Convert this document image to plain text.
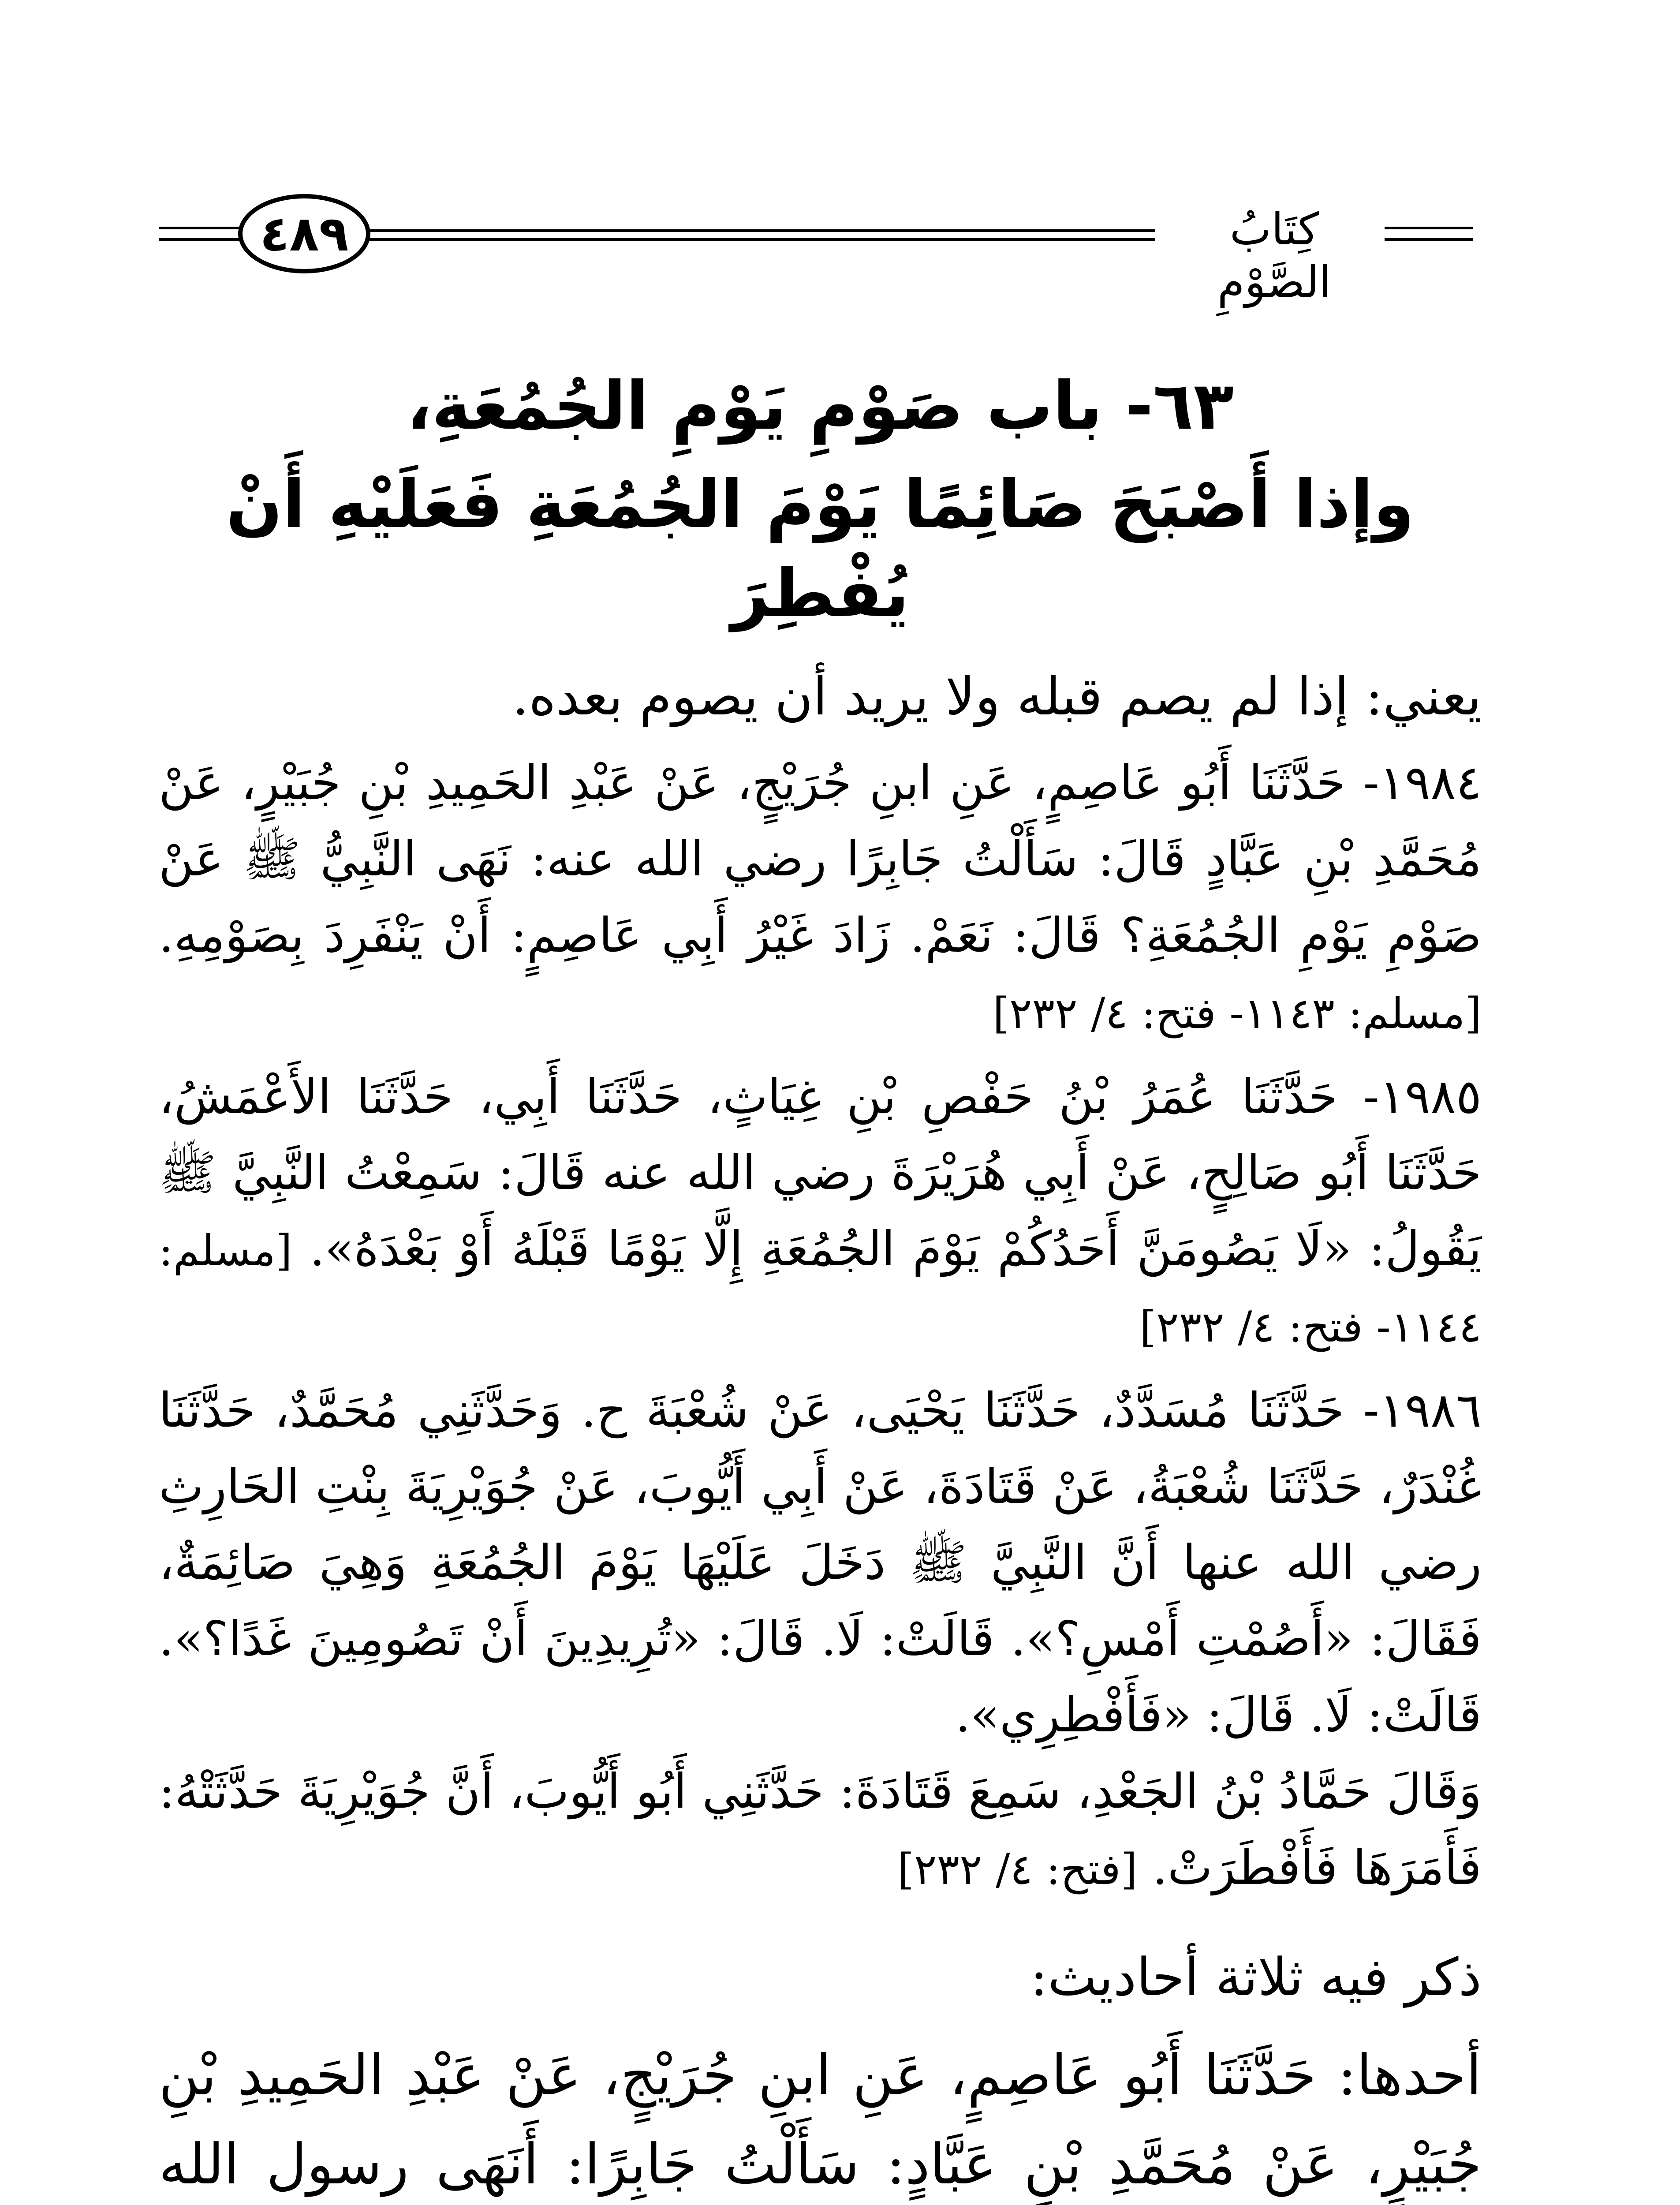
٤٨٩	كِتَابُ الصَّوْمِ
٦٣- باب صَوْمِ يَوْمِ الجُمُعَةِ،
وإذا أَصْبَحَ صَائِمًا يَوْمَ الجُمُعَةِ فَعَلَيْهِ أَنْ يُفْطِرَ

يعني: إذا لم يصم قبله ولا يريد أن يصوم بعده.

١٩٨٤- حَدَّثَنَا أَبُو عَاصِمٍ، عَنِ ابنِ جُرَيْجٍ، عَنْ عَبْدِ الحَمِيدِ بْنِ جُبَيْرٍ، عَنْ مُحَمَّدِ بْنِ عَبَّادٍ قَالَ: سَأَلْتُ جَابِرًا رضي الله عنه: نَهَى النَّبِيُّ ﷺ عَنْ صَوْمِ يَوْمِ الجُمُعَةِ؟ قَالَ: نَعَمْ. زَادَ غَيْرُ أَبِي عَاصِمٍ: أَنْ يَنْفَرِدَ بِصَوْمِهِ. [مسلم: ١١٤٣- فتح: ٤/ ٢٣٢]

١٩٨٥- حَدَّثَنَا عُمَرُ بْنُ حَفْصِ بْنِ غِيَاثٍ، حَدَّثَنَا أَبِي، حَدَّثَنَا الأَعْمَشُ، حَدَّثَنَا أَبُو صَالِحٍ، عَنْ أَبِي هُرَيْرَةَ رضي الله عنه قَالَ: سَمِعْتُ النَّبِيَّ ﷺ يَقُولُ: «لَا يَصُومَنَّ أَحَدُكُمْ يَوْمَ الجُمُعَةِ إِلَّا يَوْمًا قَبْلَهُ أَوْ بَعْدَهُ». [مسلم: ١١٤٤- فتح: ٤/ ٢٣٢]

١٩٨٦- حَدَّثَنَا مُسَدَّدٌ، حَدَّثَنَا يَحْيَى، عَنْ شُعْبَةَ ح. وَحَدَّثَنِي مُحَمَّدٌ، حَدَّثَنَا غُنْدَرٌ، حَدَّثَنَا شُعْبَةُ، عَنْ قَتَادَةَ، عَنْ أَبِي أَيُّوبَ، عَنْ جُوَيْرِيَةَ بِنْتِ الحَارِثِ رضي الله عنها أَنَّ النَّبِيَّ ﷺ دَخَلَ عَلَيْهَا يَوْمَ الجُمُعَةِ وَهِيَ صَائِمَةٌ، فَقَالَ: «أَصُمْتِ أَمْسِ؟». قَالَتْ: لَا. قَالَ: «تُرِيدِينَ أَنْ تَصُومِينَ غَدًا؟». قَالَتْ: لَا. قَالَ: «فَأَفْطِرِي».

وَقَالَ حَمَّادُ بْنُ الجَعْدِ، سَمِعَ قَتَادَةَ: حَدَّثَنِي أَبُو أَيُّوبَ، أَنَّ جُوَيْرِيَةَ حَدَّثَتْهُ: فَأَمَرَهَا فَأَفْطَرَتْ. [فتح: ٤/ ٢٣٢]

ذكر فيه ثلاثة أحاديث:

أحدها: حَدَّثَنَا أَبُو عَاصِمٍ، عَنِ ابنِ جُرَيْجٍ، عَنْ عَبْدِ الحَمِيدِ بْنِ جُبَيْرٍ، عَنْ مُحَمَّدِ بْنِ عَبَّادٍ: سَأَلْتُ جَابِرًا: أَنَهَى رسول الله
